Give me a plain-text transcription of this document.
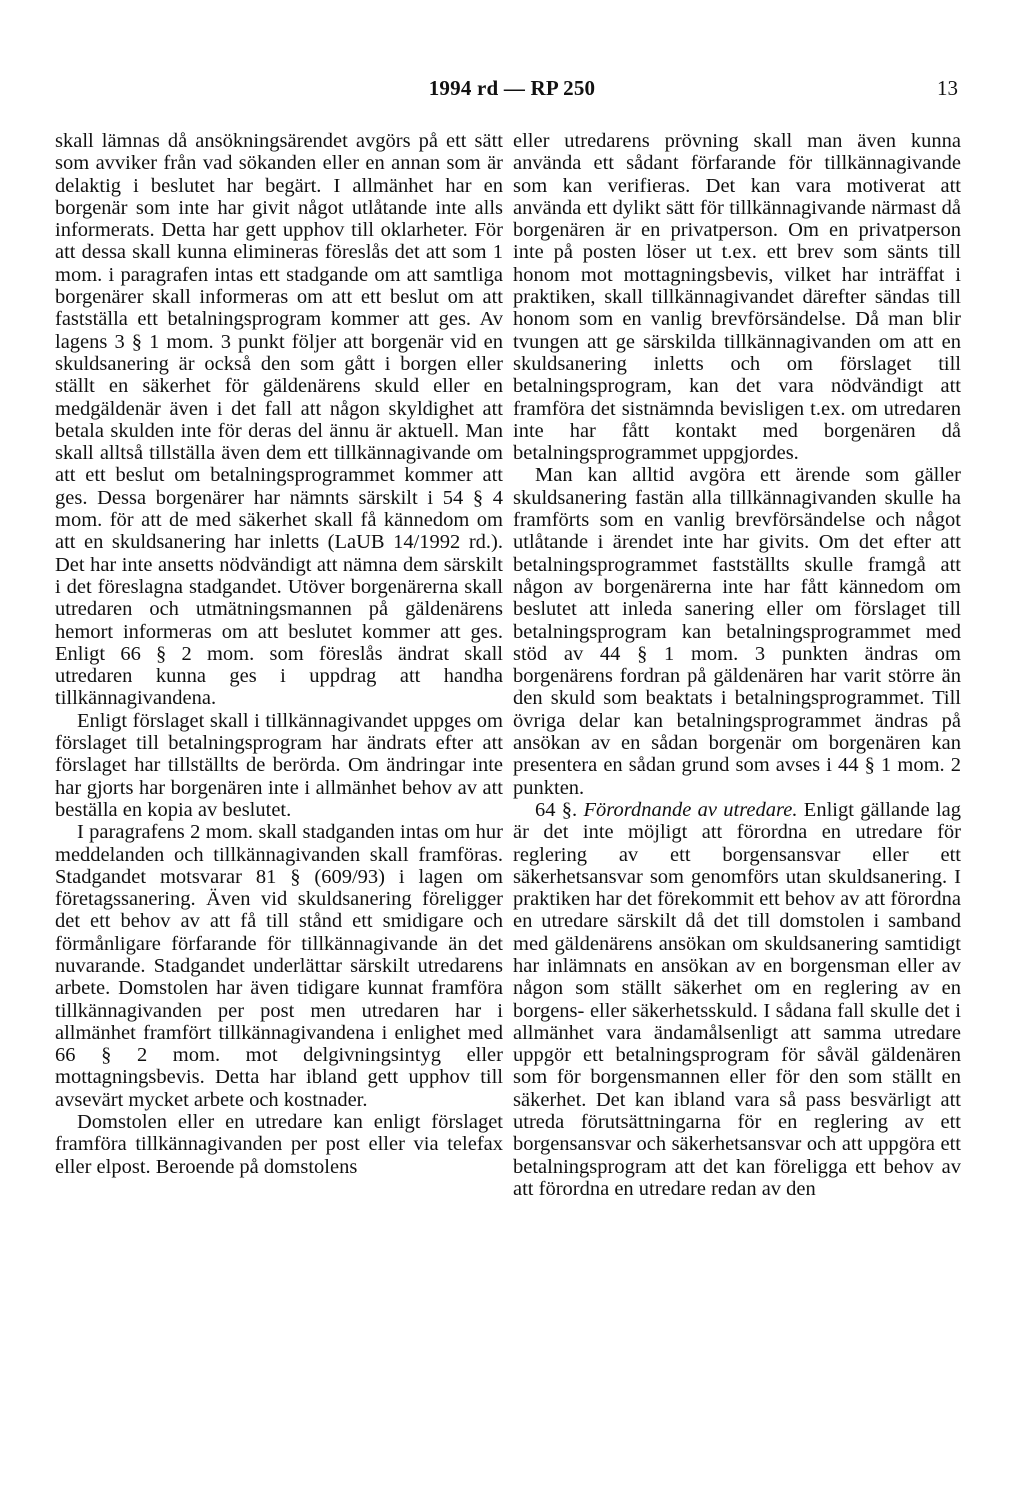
1994 rd — RP 250	13

skall lämnas då ansökningsärendet avgörs på ett sätt som avviker från vad sökanden eller en annan som är delaktig i beslutet har begärt. I allmänhet har en borgenär som inte har givit något utlåtande inte alls informerats. Detta har gett upphov till oklarheter. För att dessa skall kunna elimineras föreslås det att som 1 mom. i paragrafen intas ett stadgande om att samtliga borgenärer skall informeras om att ett beslut om att fastställa ett betalningsprogram kommer att ges. Av lagens 3 § 1 mom. 3 punkt följer att borgenär vid en skuldsanering är också den som gått i borgen eller ställt en säkerhet för gäldenärens skuld eller en medgäldenär även i det fall att någon skyldighet att betala skulden inte för deras del ännu är aktuell. Man skall alltså tillställa även dem ett tillkännagivande om att ett beslut om betalningsprogrammet kommer att ges. Dessa borgenärer har nämnts särskilt i 54 § 4 mom. för att de med säkerhet skall få kännedom om att en skuldsanering har inletts (LaUB 14/1992 rd.). Det har inte ansetts nödvändigt att nämna dem särskilt i det föreslagna stadgandet. Utöver borgenärerna skall utredaren och utmätningsmannen på gäldenärens hemort informeras om att beslutet kommer att ges. Enligt 66 § 2 mom. som föreslås ändrat skall utredaren kunna ges i uppdrag att handha tillkännagivandena.

Enligt förslaget skall i tillkännagivandet uppges om förslaget till betalningsprogram har ändrats efter att förslaget har tillställts de berörda. Om ändringar inte har gjorts har borgenären inte i allmänhet behov av att beställa en kopia av beslutet.

I paragrafens 2 mom. skall stadganden intas om hur meddelanden och tillkännagivanden skall framföras. Stadgandet motsvarar 81 § (609/93) i lagen om företagssanering. Även vid skuldsanering föreligger det ett behov av att få till stånd ett smidigare och förmånligare förfarande för tillkännagivande än det nuvarande. Stadgandet underlättar särskilt utredarens arbete. Domstolen har även tidigare kunnat framföra tillkännagivanden per post men utredaren har i allmänhet framfört tillkännagivandena i enlighet med 66 § 2 mom. mot delgivningsintyg eller mottagningsbevis. Detta har ibland gett upphov till avsevärt mycket arbete och kostnader.

Domstolen eller en utredare kan enligt förslaget framföra tillkännagivanden per post eller via telefax eller elpost. Beroende på domstolens

eller utredarens prövning skall man även kunna använda ett sådant förfarande för tillkännagivande som kan verifieras. Det kan vara motiverat att använda ett dylikt sätt för tillkännagivande närmast då borgenären är en privatperson. Om en privatperson inte på posten löser ut t.ex. ett brev som sänts till honom mot mottagningsbevis, vilket har inträffat i praktiken, skall tillkännagivandet därefter sändas till honom som en vanlig brevförsändelse. Då man blir tvungen att ge särskilda tillkännagivanden om att en skuldsanering inletts och om förslaget till betalningsprogram, kan det vara nödvändigt att framföra det sistnämnda bevisligen t.ex. om utredaren inte har fått kontakt med borgenären då betalningsprogrammet uppgjordes.

Man kan alltid avgöra ett ärende som gäller skuldsanering fastän alla tillkännagivanden skulle ha framförts som en vanlig brevförsändelse och något utlåtande i ärendet inte har givits. Om det efter att betalningsprogrammet fastställts skulle framgå att någon av borgenärerna inte har fått kännedom om beslutet att inleda sanering eller om förslaget till betalningsprogram kan betalningsprogrammet med stöd av 44 § 1 mom. 3 punkten ändras om borgenärens fordran på gäldenären har varit större än den skuld som beaktats i betalningsprogrammet. Till övriga delar kan betalningsprogrammet ändras på ansökan av en sådan borgenär om borgenären kan presentera en sådan grund som avses i 44 § 1 mom. 2 punkten.

64 §. Förordnande av utredare. Enligt gällande lag är det inte möjligt att förordna en utredare för reglering av ett borgensansvar eller ett säkerhetsansvar som genomförs utan skuldsanering. I praktiken har det förekommit ett behov av att förordna en utredare särskilt då det till domstolen i samband med gäldenärens ansökan om skuldsanering samtidigt har inlämnats en ansökan av en borgensman eller av någon som ställt säkerhet om en reglering av en borgens- eller säkerhetsskuld. I sådana fall skulle det i allmänhet vara ändamålsenligt att samma utredare uppgör ett betalningsprogram för såväl gäldenären som för borgensmannen eller för den som ställt en säkerhet. Det kan ibland vara så pass besvärligt att utreda förutsättningarna för en reglering av ett borgensansvar och säkerhetsansvar och att uppgöra ett betalningsprogram att det kan föreligga ett behov av att förordna en utredare redan av den
